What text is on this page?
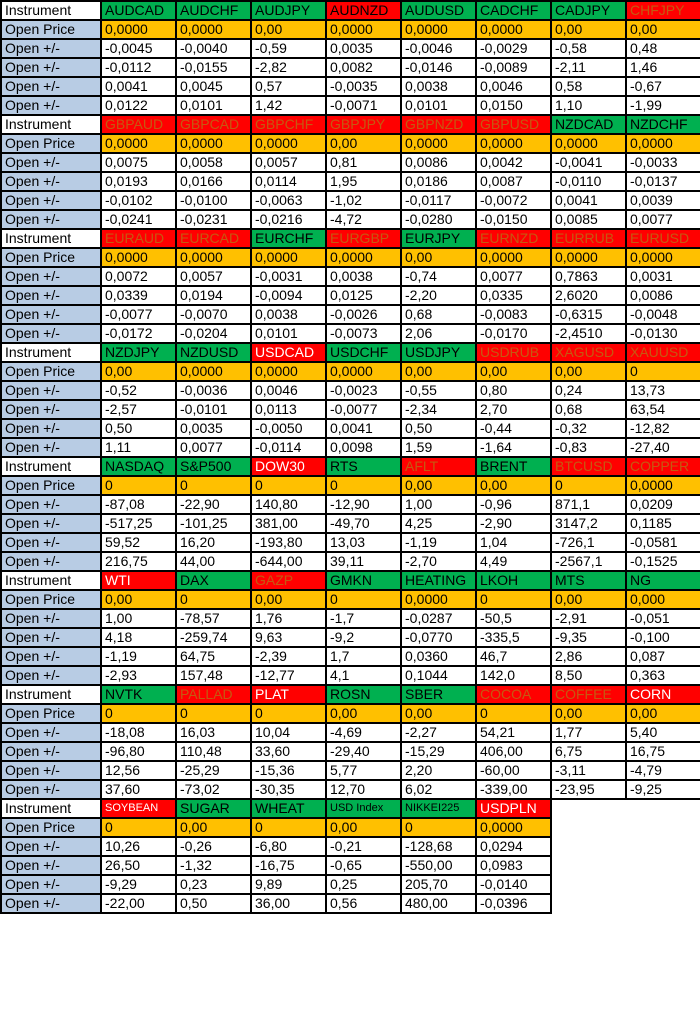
Instrument	AUDCAD	AUDCHF	AUDJPY	AUDNZD	AUDUSD	CADCHF	CADJPY	CHFJPY
Open Price	0,0000	0,0000	0,00	0,0000	0,0000	0,0000	0,00	0,00
Open +/-	-0,0045	-0,0040	-0,59	0,0035	-0,0046	-0,0029	-0,58	0,48
Open +/-	-0,0112	-0,0155	-2,82	0,0082	-0,0146	-0,0089	-2,11	1,46
Open +/-	0,0041	0,0045	0,57	-0,0035	0,0038	0,0046	0,58	-0,67
Open +/-	0,0122	0,0101	1,42	-0,0071	0,0101	0,0150	1,10	-1,99
Instrument	GBPAUD	GBPCAD	GBPCHF	GBPJPY	GBPNZD	GBPUSD	NZDCAD	NZDCHF
Open Price	0,0000	0,0000	0,0000	0,00	0,0000	0,0000	0,0000	0,0000
Open +/-	0,0075	0,0058	0,0057	0,81	0,0086	0,0042	-0,0041	-0,0033
Open +/-	0,0193	0,0166	0,0114	1,95	0,0186	0,0087	-0,0110	-0,0137
Open +/-	-0,0102	-0,0100	-0,0063	-1,02	-0,0117	-0,0072	0,0041	0,0039
Open +/-	-0,0241	-0,0231	-0,0216	-4,72	-0,0280	-0,0150	0,0085	0,0077
Instrument	EURAUD	EURCAD	EURCHF	EURGBP	EURJPY	EURNZD	EURRUB	EURUSD
Open Price	0,0000	0,0000	0,0000	0,0000	0,00	0,0000	0,0000	0,0000
Open +/-	0,0072	0,0057	-0,0031	0,0038	-0,74	0,0077	0,7863	0,0031
Open +/-	0,0339	0,0194	-0,0094	0,0125	-2,20	0,0335	2,6020	0,0086
Open +/-	-0,0077	-0,0070	0,0038	-0,0026	0,68	-0,0083	-0,6315	-0,0048
Open +/-	-0,0172	-0,0204	0,0101	-0,0073	2,06	-0,0170	-2,4510	-0,0130
Instrument	NZDJPY	NZDUSD	USDCAD	USDCHF	USDJPY	USDRUB	XAGUSD	XAUUSD
Open Price	0,00	0,0000	0,0000	0,0000	0,00	0,00	0,00	0
Open +/-	-0,52	-0,0036	0,0046	-0,0023	-0,55	0,80	0,24	13,73
Open +/-	-2,57	-0,0101	0,0113	-0,0077	-2,34	2,70	0,68	63,54
Open +/-	0,50	0,0035	-0,0050	0,0041	0,50	-0,44	-0,32	-12,82
Open +/-	1,11	0,0077	-0,0114	0,0098	1,59	-1,64	-0,83	-27,40
Instrument	NASDAQ	S&P500	DOW30	RTS	AFLT	BRENT	BTCUSD	COPPER
Open Price	0	0	0	0	0,00	0,00	0	0,0000
Open +/-	-87,08	-22,90	140,80	-12,90	1,00	-0,96	871,1	0,0209
Open +/-	-517,25	-101,25	381,00	-49,70	4,25	-2,90	3147,2	0,1185
Open +/-	59,52	16,20	-193,80	13,03	-1,19	1,04	-726,1	-0,0581
Open +/-	216,75	44,00	-644,00	39,11	-2,70	4,49	-2567,1	-0,1525
Instrument	WTI	DAX	GAZP	GMKN	HEATING	LKOH	MTS	NG
Open Price	0,00	0	0,00	0	0,0000	0	0,00	0,000
Open +/-	1,00	-78,57	1,76	-1,7	-0,0287	-50,5	-2,91	-0,051
Open +/-	4,18	-259,74	9,63	-9,2	-0,0770	-335,5	-9,35	-0,100
Open +/-	-1,19	64,75	-2,39	1,7	0,0360	46,7	2,86	0,087
Open +/-	-2,93	157,48	-12,77	4,1	0,1044	142,0	8,50	0,363
Instrument	NVTK	PALLAD	PLAT	ROSN	SBER	COCOA	COFFEE	CORN
Open Price	0	0	0	0,00	0,00	0	0,00	0,00
Open +/-	-18,08	16,03	10,04	-4,69	-2,27	54,21	1,77	5,40
Open +/-	-96,80	110,48	33,60	-29,40	-15,29	406,00	6,75	16,75
Open +/-	12,56	-25,29	-15,36	5,77	2,20	-60,00	-3,11	-4,79
Open +/-	37,60	-73,02	-30,35	12,70	6,02	-339,00	-23,95	-9,25
Instrument	SOYBEAN	SUGAR	WHEAT	USD Index	NIKKEI225	USDPLN		
Open Price	0	0,00	0	0,00	0	0,0000		
Open +/-	10,26	-0,26	-6,80	-0,21	-128,68	0,0294		
Open +/-	26,50	-1,32	-16,75	-0,65	-550,00	0,0983		
Open +/-	-9,29	0,23	9,89	0,25	205,70	-0,0140		
Open +/-	-22,00	0,50	36,00	0,56	480,00	-0,0396		
